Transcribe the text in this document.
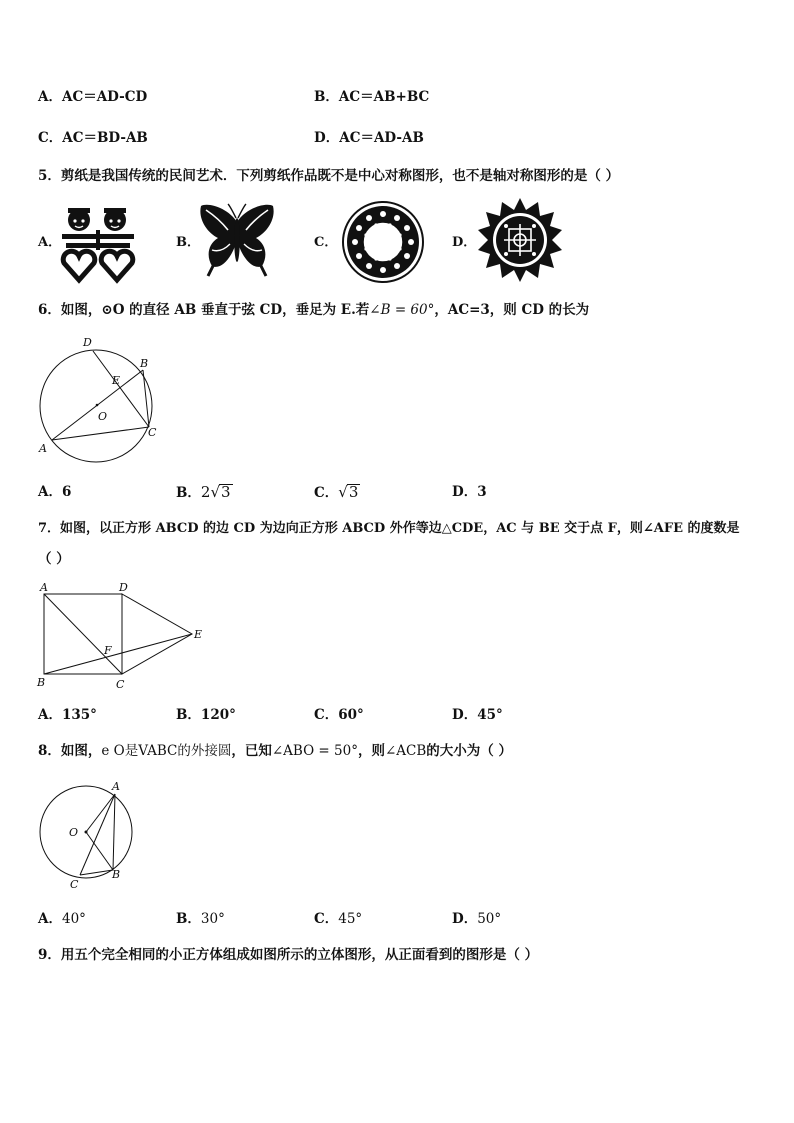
A．AC＝AD-CD	B．AC＝AB+BC
C．AC＝BD-AB	D．AC＝AD-AB
5．剪纸是我国传统的民间艺术．下列剪纸作品既不是中心对称图形，也不是轴对称图形的是（ ）
A．	B．	C．	D．
6．如图，⊙O 的直径 AB 垂直于弦 CD，垂足为 E.若∠B = 60°，AC=3，则 CD 的长为
D
B
E
O
A
C
A．6	B．2√3	C．√3	D．3
7．如图，以正方形 ABCD 的边 CD 为边向正方形 ABCD 外作等边△CDE，AC 与 BE 交于点 F，则∠AFE 的度数是
（ ）
A	D
E
F
B	C
A．135°	B．120°	C．60°	D．45°
8．如图，e O是VABC的外接圆，已知∠ABO = 50°，则∠ACB的大小为（ ）
A
O
C
B
A．40°	B．30°	C．45°	D．50°
9．用五个完全相同的小正方体组成如图所示的立体图形，从正面看到的图形是（ ）
